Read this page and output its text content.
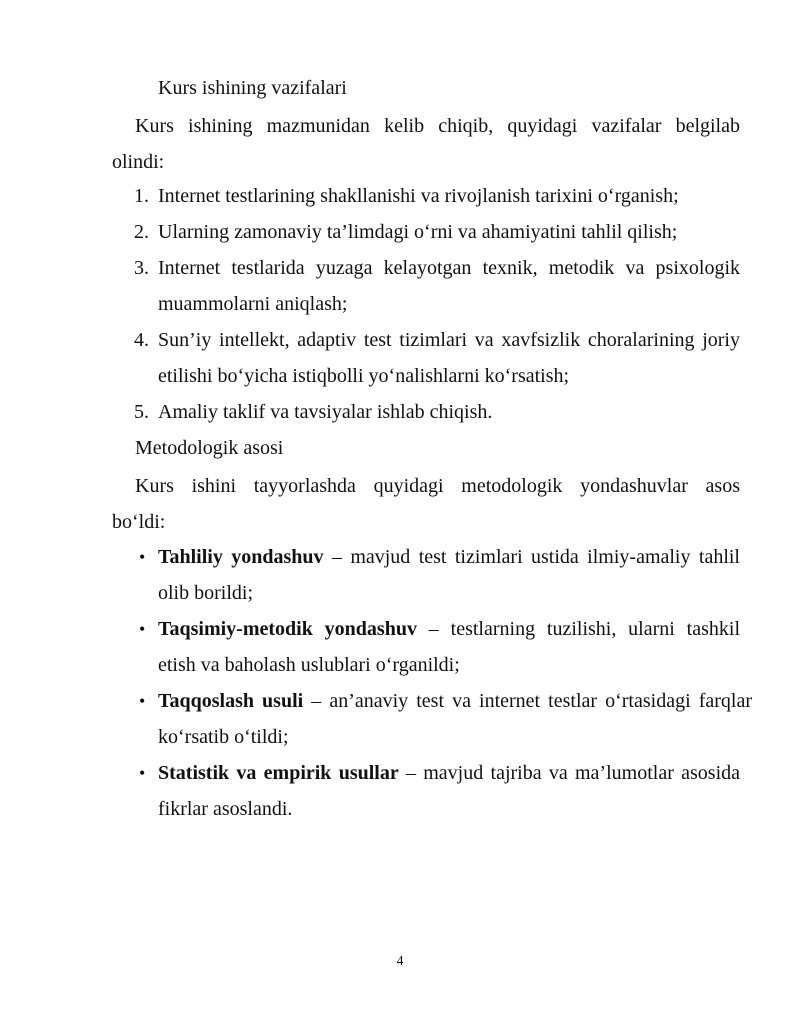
Kurs ishining vazifalari

Kurs ishining mazmunidan kelib chiqib, quyidagi vazifalar belgilab

olindi:

1. Internet testlarining shakllanishi va rivojlanish tarixini o‘rganish;

2. Ularning zamonaviy ta’limdagi o‘rni va ahamiyatini tahlil qilish;

3. Internet testlarida yuzaga kelayotgan texnik, metodik va psixologik

muammolarni aniqlash;

4. Sun’iy intellekt, adaptiv test tizimlari va xavfsizlik choralarining joriy

etilishi bo‘yicha istiqbolli yo‘nalishlarni ko‘rsatish;

5. Amaliy taklif va tavsiyalar ishlab chiqish.

Metodologik asosi

Kurs ishini tayyorlashda quyidagi metodologik yondashuvlar asos

bo‘ldi:

• Tahliliy yondashuv – mavjud test tizimlari ustida ilmiy-amaliy tahlil

olib borildi;

• Taqsimiy-metodik yondashuv – testlarning tuzilishi, ularni tashkil

etish va baholash uslublari o‘rganildi;

• Taqqoslash usuli – an’anaviy test va internet testlar o‘rtasidagi farqlar

ko‘rsatib o‘tildi;

• Statistik va empirik usullar – mavjud tajriba va ma’lumotlar asosida

fikrlar asoslandi.

4
